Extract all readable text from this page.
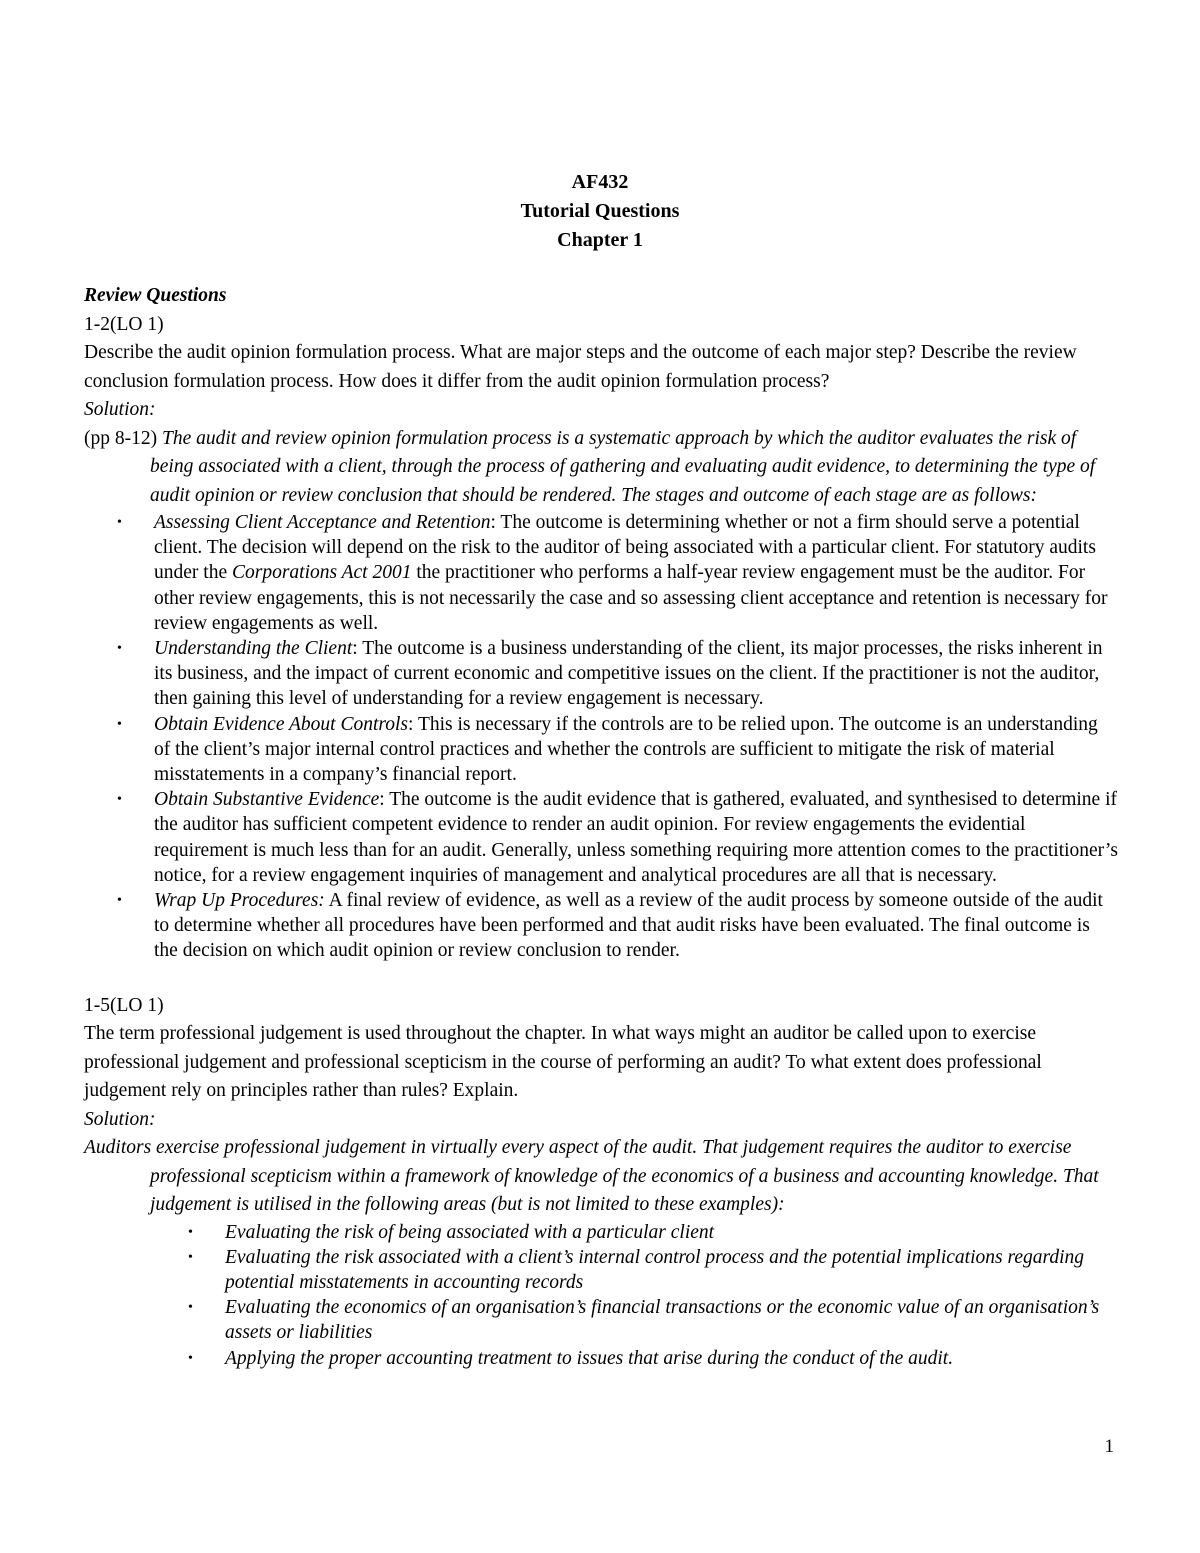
AF432
Tutorial Questions
Chapter 1

Review Questions

1-2(LO 1)

Describe the audit opinion formulation process. What are major steps and the outcome of each major step? Describe the review conclusion formulation process. How does it differ from the audit opinion formulation process?

Solution:

(pp 8-12) The audit and review opinion formulation process is a systematic approach by which the auditor evaluates the risk of being associated with a client, through the process of gathering and evaluating audit evidence, to determining the type of audit opinion or review conclusion that should be rendered. The stages and outcome of each stage are as follows:

• Assessing Client Acceptance and Retention: The outcome is determining whether or not a firm should serve a potential client. The decision will depend on the risk to the auditor of being associated with a particular client. For statutory audits under the Corporations Act 2001 the practitioner who performs a half-year review engagement must be the auditor. For other review engagements, this is not necessarily the case and so assessing client acceptance and retention is necessary for review engagements as well.
• Understanding the Client: The outcome is a business understanding of the client, its major processes, the risks inherent in its business, and the impact of current economic and competitive issues on the client. If the practitioner is not the auditor, then gaining this level of understanding for a review engagement is necessary.
• Obtain Evidence About Controls: This is necessary if the controls are to be relied upon. The outcome is an understanding of the client’s major internal control practices and whether the controls are sufficient to mitigate the risk of material misstatements in a company’s financial report.
• Obtain Substantive Evidence: The outcome is the audit evidence that is gathered, evaluated, and synthesised to determine if the auditor has sufficient competent evidence to render an audit opinion. For review engagements the evidential requirement is much less than for an audit. Generally, unless something requiring more attention comes to the practitioner’s notice, for a review engagement inquiries of management and analytical procedures are all that is necessary.
• Wrap Up Procedures: A final review of evidence, as well as a review of the audit process by someone outside of the audit to determine whether all procedures have been performed and that audit risks have been evaluated. The final outcome is the decision on which audit opinion or review conclusion to render.

1-5(LO 1)

The term professional judgement is used throughout the chapter. In what ways might an auditor be called upon to exercise professional judgement and professional scepticism in the course of performing an audit? To what extent does professional judgement rely on principles rather than rules? Explain.

Solution:

Auditors exercise professional judgement in virtually every aspect of the audit. That judgement requires the auditor to exercise professional scepticism within a framework of knowledge of the economics of a business and accounting knowledge. That judgement is utilised in the following areas (but is not limited to these examples):

• Evaluating the risk of being associated with a particular client
• Evaluating the risk associated with a client’s internal control process and the potential implications regarding potential misstatements in accounting records
• Evaluating the economics of an organisation’s financial transactions or the economic value of an organisation’s assets or liabilities
• Applying the proper accounting treatment to issues that arise during the conduct of the audit.
1
